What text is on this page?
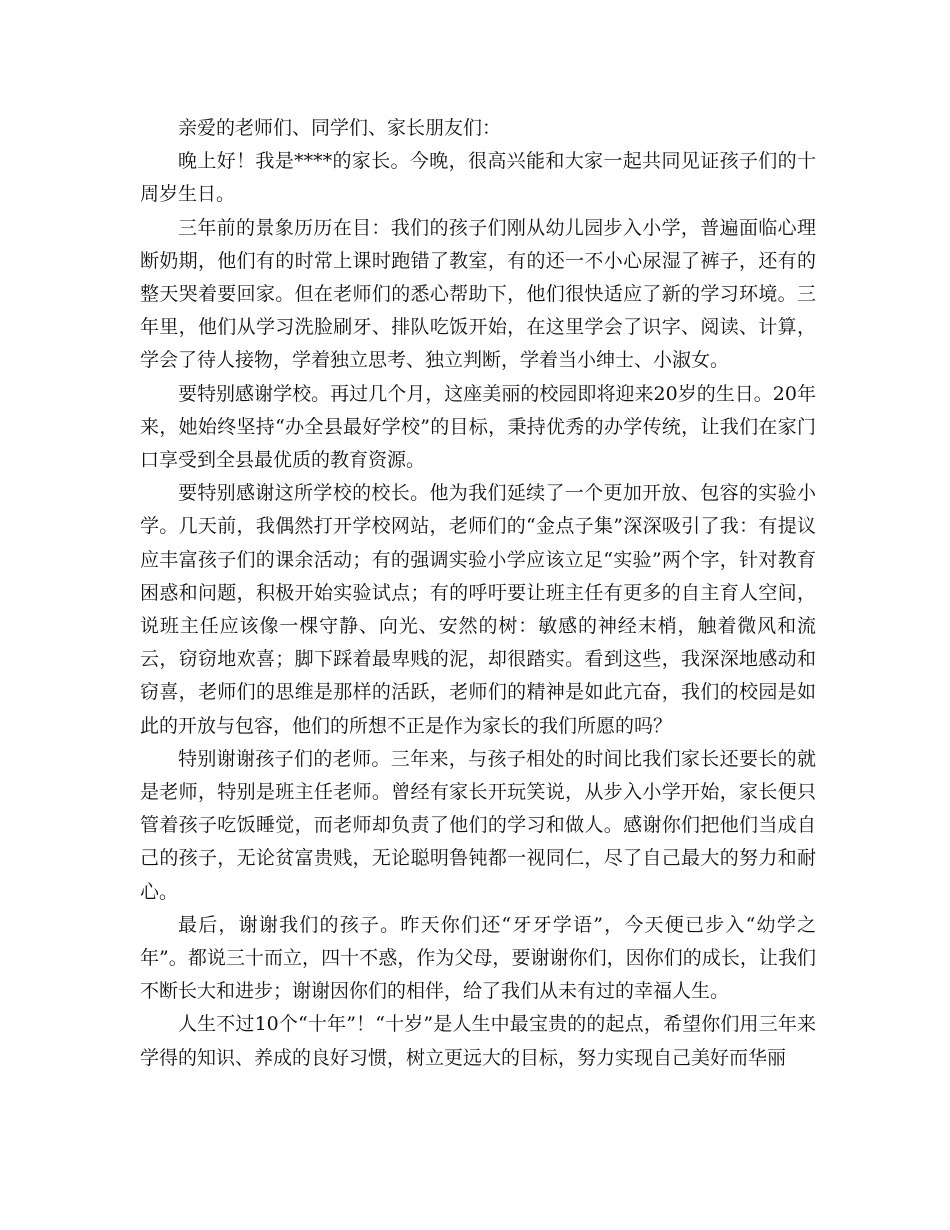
亲爱的老师们、同学们、家长朋友们：

晚上好！我是****的家长。今晚，很高兴能和大家一起共同见证孩子们的十周岁生日。

三年前的景象历历在目：我们的孩子们刚从幼儿园步入小学，普遍面临心理断奶期，他们有的时常上课时跑错了教室，有的还一不小心尿湿了裤子，还有的整天哭着要回家。但在老师们的悉心帮助下，他们很快适应了新的学习环境。三年里，他们从学习洗脸刷牙、排队吃饭开始，在这里学会了识字、阅读、计算，学会了待人接物，学着独立思考、独立判断，学着当小绅士、小淑女。

要特别感谢学校。再过几个月，这座美丽的校园即将迎来20岁的生日。20年来，她始终坚持“办全县最好学校”的目标，秉持优秀的办学传统，让我们在家门口享受到全县最优质的教育资源。

要特别感谢这所学校的校长。他为我们延续了一个更加开放、包容的实验小学。几天前，我偶然打开学校网站，老师们的“金点子集”深深吸引了我：有提议应丰富孩子们的课余活动；有的强调实验小学应该立足“实验”两个字，针对教育困惑和问题，积极开始实验试点；有的呼吁要让班主任有更多的自主育人空间，说班主任应该像一棵守静、向光、安然的树：敏感的神经末梢，触着微风和流云，窃窃地欢喜；脚下踩着最卑贱的泥，却很踏实。看到这些，我深深地感动和窃喜，老师们的思维是那样的活跃，老师们的精神是如此亢奋，我们的校园是如此的开放与包容，他们的所想不正是作为家长的我们所愿的吗？

特别谢谢孩子们的老师。三年来，与孩子相处的时间比我们家长还要长的就是老师，特别是班主任老师。曾经有家长开玩笑说，从步入小学开始，家长便只管着孩子吃饭睡觉，而老师却负责了他们的学习和做人。感谢你们把他们当成自己的孩子，无论贫富贵贱，无论聪明鲁钝都一视同仁，尽了自己最大的努力和耐心。

最后，谢谢我们的孩子。昨天你们还“牙牙学语”，今天便已步入“幼学之年”。都说三十而立，四十不惑，作为父母，要谢谢你们，因你们的成长，让我们不断长大和进步；谢谢因你们的相伴，给了我们从未有过的幸福人生。

人生不过10个“十年”！“十岁”是人生中最宝贵的的起点，希望你们用三年来学得的知识、养成的良好习惯，树立更远大的目标，努力实现自己美好而华丽
